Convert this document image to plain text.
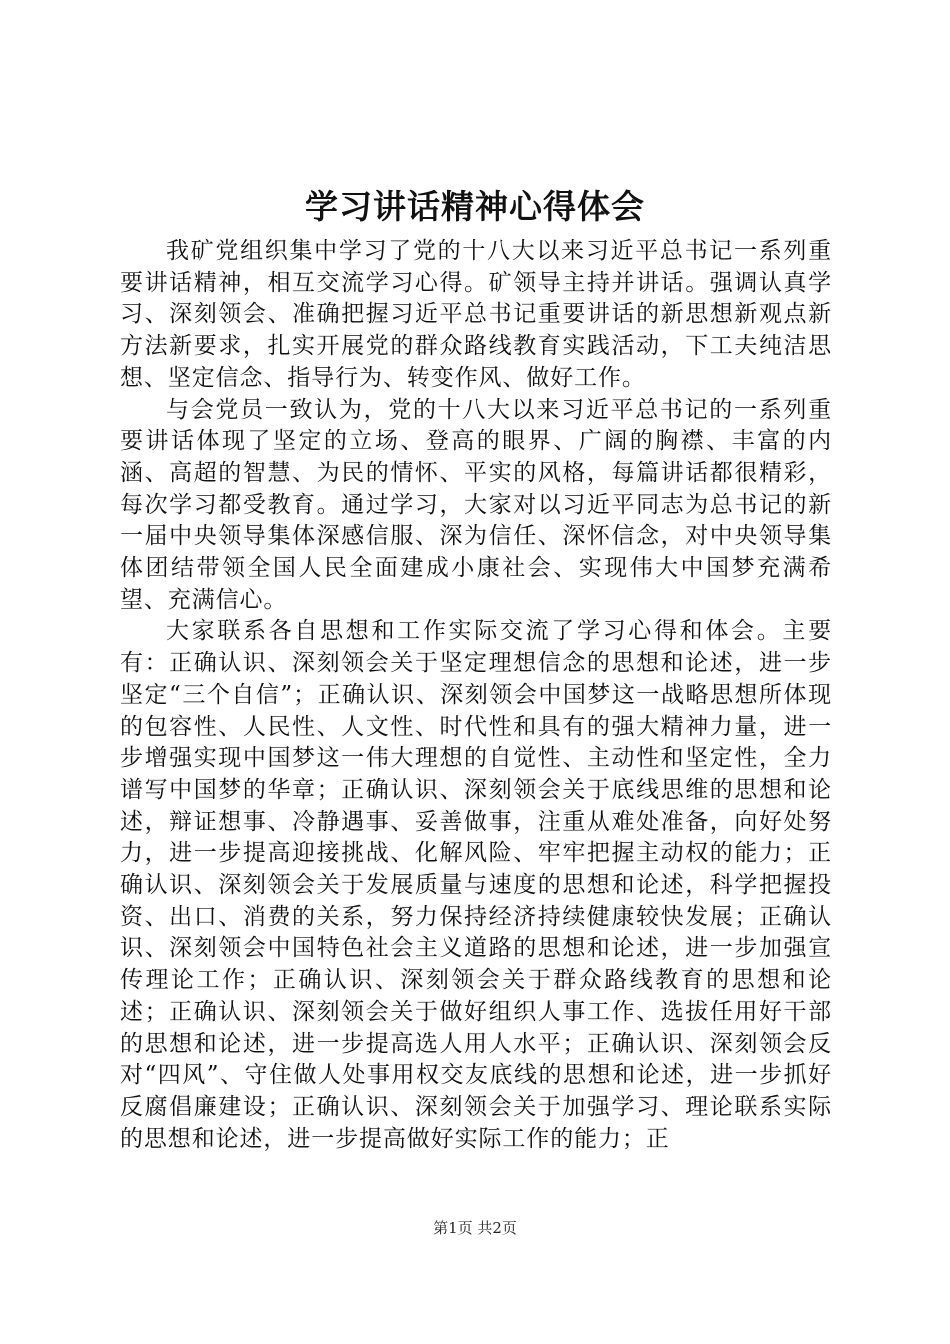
学习讲话精神心得体会

我矿党组织集中学习了党的十八大以来习近平总书记一系列重要讲话精神，相互交流学习心得。矿领导主持并讲话。强调认真学习、深刻领会、准确把握习近平总书记重要讲话的新思想新观点新方法新要求，扎实开展党的群众路线教育实践活动，下工夫纯洁思想、坚定信念、指导行为、转变作风、做好工作。

与会党员一致认为，党的十八大以来习近平总书记的一系列重要讲话体现了坚定的立场、登高的眼界、广阔的胸襟、丰富的内涵、高超的智慧、为民的情怀、平实的风格，每篇讲话都很精彩，每次学习都受教育。通过学习，大家对以习近平同志为总书记的新一届中央领导集体深感信服、深为信任、深怀信念，对中央领导集体团结带领全国人民全面建成小康社会、实现伟大中国梦充满希望、充满信心。

大家联系各自思想和工作实际交流了学习心得和体会。主要有：正确认识、深刻领会关于坚定理想信念的思想和论述，进一步坚定“三个自信”；正确认识、深刻领会中国梦这一战略思想所体现的包容性、人民性、人文性、时代性和具有的强大精神力量，进一步增强实现中国梦这一伟大理想的自觉性、主动性和坚定性，全力谱写中国梦的华章；正确认识、深刻领会关于底线思维的思想和论述，辩证想事、冷静遇事、妥善做事，注重从难处准备，向好处努力，进一步提高迎接挑战、化解风险、牢牢把握主动权的能力；正确认识、深刻领会关于发展质量与速度的思想和论述，科学把握投资、出口、消费的关系，努力保持经济持续健康较快发展；正确认识、深刻领会中国特色社会主义道路的思想和论述，进一步加强宣传理论工作；正确认识、深刻领会关于群众路线教育的思想和论述；正确认识、深刻领会关于做好组织人事工作、选拔任用好干部的思想和论述，进一步提高选人用人水平；正确认识、深刻领会反对“四风”、守住做人处事用权交友底线的思想和论述，进一步抓好反腐倡廉建设；正确认识、深刻领会关于加强学习、理论联系实际的思想和论述，进一步提高做好实际工作的能力；正

第1页 共2页
